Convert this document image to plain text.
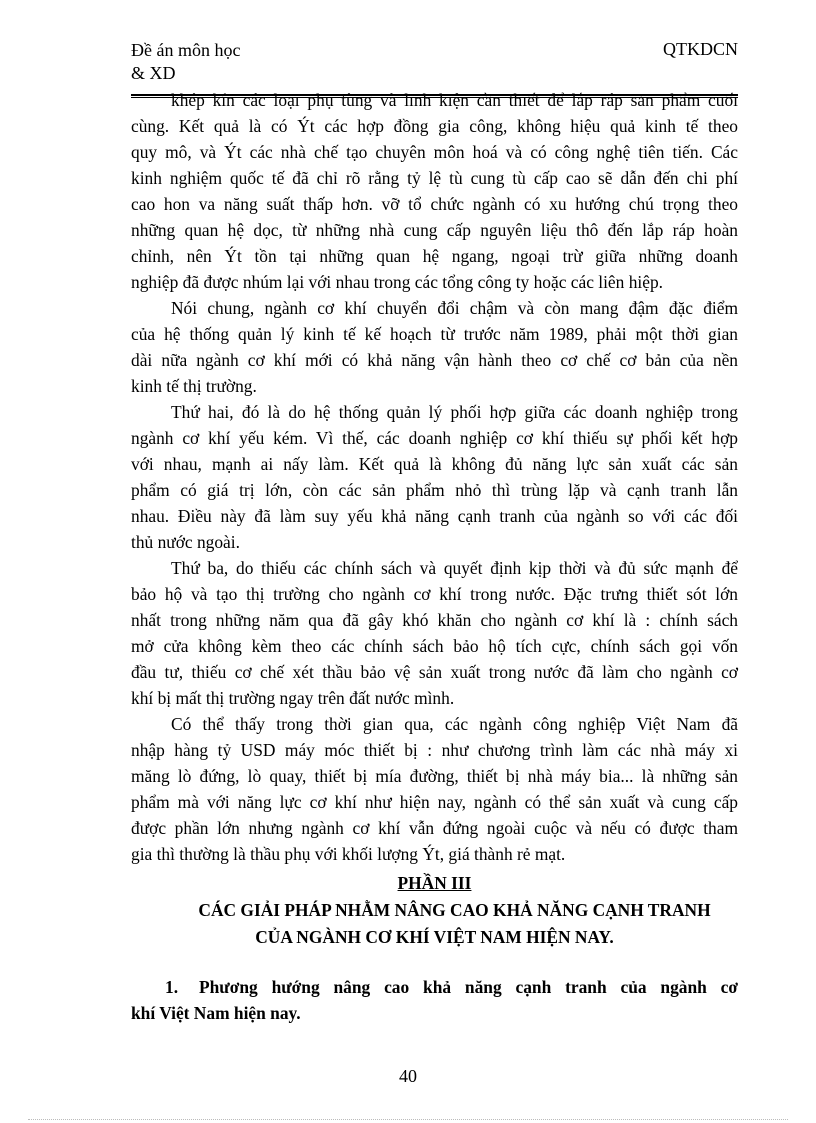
Đề án môn học
& XD
QTKDCN
khép kín các loại phụ tùng và linh kiện cần thiết để lắp ráp sản phẩm cuối
cùng. Kết quả là có Ýt các hợp đồng gia công, không hiệu quả kinh tế theo
quy mô, và Ýt các nhà chế tạo chuyên môn hoá và có công nghệ tiên tiến. Các
kinh nghiệm quốc tế đã chỉ rõ rằng tỷ lệ tù cung tù cấp cao sẽ dẫn đến chi phí
cao hon va năng suất thấp hơn. vỡ tổ chức ngành có xu hướng chú trọng theo
những quan hệ dọc, từ những nhà cung cấp nguyên liệu thô đến lắp ráp hoàn
chỉnh, nên Ýt tồn tại những quan hệ ngang, ngoại trừ giữa những doanh
nghiệp đã được nhúm lại với nhau trong các tổng công ty hoặc các liên hiệp.
Nói chung, ngành cơ khí chuyển đổi chậm và còn mang đậm đặc điểm
của hệ thống quản lý kinh tế kế hoạch từ trước năm 1989, phải một thời gian
dài nữa ngành cơ khí mới có khả năng vận hành theo cơ chế cơ bản của nền
kinh tế thị trường.
Thứ hai, đó là do hệ thống quản lý phối hợp giữa các doanh nghiệp trong
ngành cơ khí yếu kém. Vì thế, các doanh nghiệp cơ khí thiếu sự phối kết hợp
với nhau, mạnh ai nấy làm. Kết quả là không đủ năng lực sản xuất các sản
phẩm có giá trị lớn, còn các sản phẩm nhỏ thì trùng lặp và cạnh tranh lẫn
nhau. Điều này đã làm suy yếu khả năng cạnh tranh của ngành so với các đối
thủ nước ngoài.
Thứ ba, do thiếu các chính sách và quyết định kịp thời và đủ sức mạnh để
bảo hộ và tạo thị trường cho ngành cơ khí trong nước. Đặc trưng thiết sót lớn
nhất trong những năm qua đã gây khó khăn cho ngành cơ khí là : chính sách
mở cửa không kèm theo các chính sách bảo hộ tích cực, chính sách gọi vốn
đầu tư, thiếu cơ chế xét thầu bảo vệ sản xuất trong nước đã làm cho ngành cơ
khí bị mất thị trường ngay trên đất nước mình.
Có thể thấy trong thời gian qua, các ngành công nghiệp Việt Nam đã
nhập hàng tỷ USD máy móc thiết bị : như chương trình làm các nhà máy xi
măng lò đứng, lò quay, thiết bị mía đường, thiết bị nhà máy bia... là những sản
phẩm mà với năng lực cơ khí như hiện nay, ngành có thể sản xuất và cung cấp
được phần lớn nhưng ngành cơ khí vẫn đứng ngoài cuộc và nếu có được tham
gia thì thường là thầu phụ với khối lượng Ýt, giá thành rẻ mạt.
PHẦN III
CÁC GIẢI PHÁP NHẰM NÂNG CAO KHẢ NĂNG CẠNH TRANH
CỦA NGÀNH CƠ KHÍ VIỆT NAM HIỆN NAY.
1. Phương hướng nâng cao khả năng cạnh tranh của ngành cơ
khí Việt Nam hiện nay.
40
